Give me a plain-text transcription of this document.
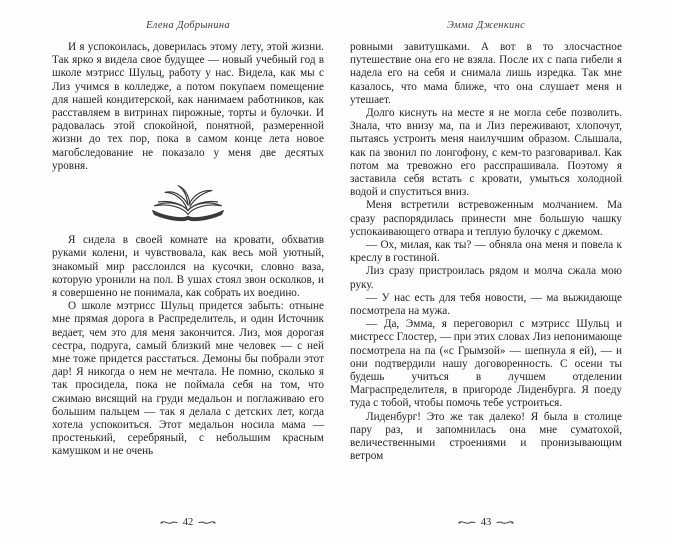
Елена Добрынина

И я успокоилась, доверилась этому лету, этой жизни. Так ярко я видела свое будущее — новый учебный год в школе мэтрисс Шульц, работу у нас. Видела, как мы с Лиз учимся в колледже, а потом покупаем помещение для нашей кондитерской, как нанимаем работников, как расставляем в витринах пирожные, торты и булочки. И радовалась этой спокойной, понятной, размеренной жизни до тех пор, пока в самом конце лета новое магобследование не показало у меня две десятых уровня.

Я сидела в своей комнате на кровати, обхватив руками колени, и чувствовала, как весь мой уютный, знакомый мир расслоился на кусочки, словно ваза, которую уронили на пол. В ушах стоял звон осколков, и я совершенно не понимала, как собрать их воедино.

О школе мэтрисс Шульц придется забыть: отныне мне прямая дорога в Распределитель, и один Источник ведает, чем это для меня закончится. Лиз, моя дорогая сестра, подруга, самый близкий мне человек — с ней мне тоже придется расстаться. Демоны бы побрали этот дар! Я никогда о нем не мечтала. Не помню, сколько я так просидела, пока не поймала себя на том, что сжимаю висящий на груди медальон и поглаживаю его большим пальцем — так я делала с детских лет, когда хотела успокоиться. Этот медальон носила мама — простенький, серебряный, с небольшим красным камушком и не очень

42
Эмма Дженкинс

ровными завитушками. А вот в то злосчастное путешествие она его не взяла. После их с папа гибели я надела его на себя и снимала лишь изредка. Так мне казалось, что мама ближе, что она слушает меня и утешает.

Долго киснуть на месте я не могла себе позволить. Знала, что внизу ма, па и Лиз переживают, хлопочут, пытаясь устроить меня наилучшим образом. Слышала, как па звонил по лонгофону, с кем-то разговаривал. Как потом ма тревожно его расспрашивала. Поэтому я заставила себя встать с кровати, умыться холодной водой и спуститься вниз.

Меня встретили встревоженным молчанием. Ма сразу распорядилась принести мне большую чашку успокаивающего отвара и теплую булочку с джемом.

— Ох, милая, как ты? — обняла она меня и повела к креслу в гостиной.

Лиз сразу пристроилась рядом и молча сжала мою руку.

— У нас есть для тебя новости, — ма выжидающе посмотрела на мужа.

— Да, Эмма, я переговорил с мэтрисс Шульц и мистресс Глостер, — при этих словах Лиз непонимающе посмотрела на па («с Грымзой» — шепнула я ей), — и они подтвердили нашу договоренность. С осени ты будешь учиться в лучшем отделении Маграспределителя, в пригороде Лиденбурга. Я поеду туда с тобой, чтобы помочь тебе устроиться.

Лиденбург! Это же так далеко! Я была в столице пару раз, и запомнилась она мне суматохой, величественными строениями и пронизывающим ветром

43
